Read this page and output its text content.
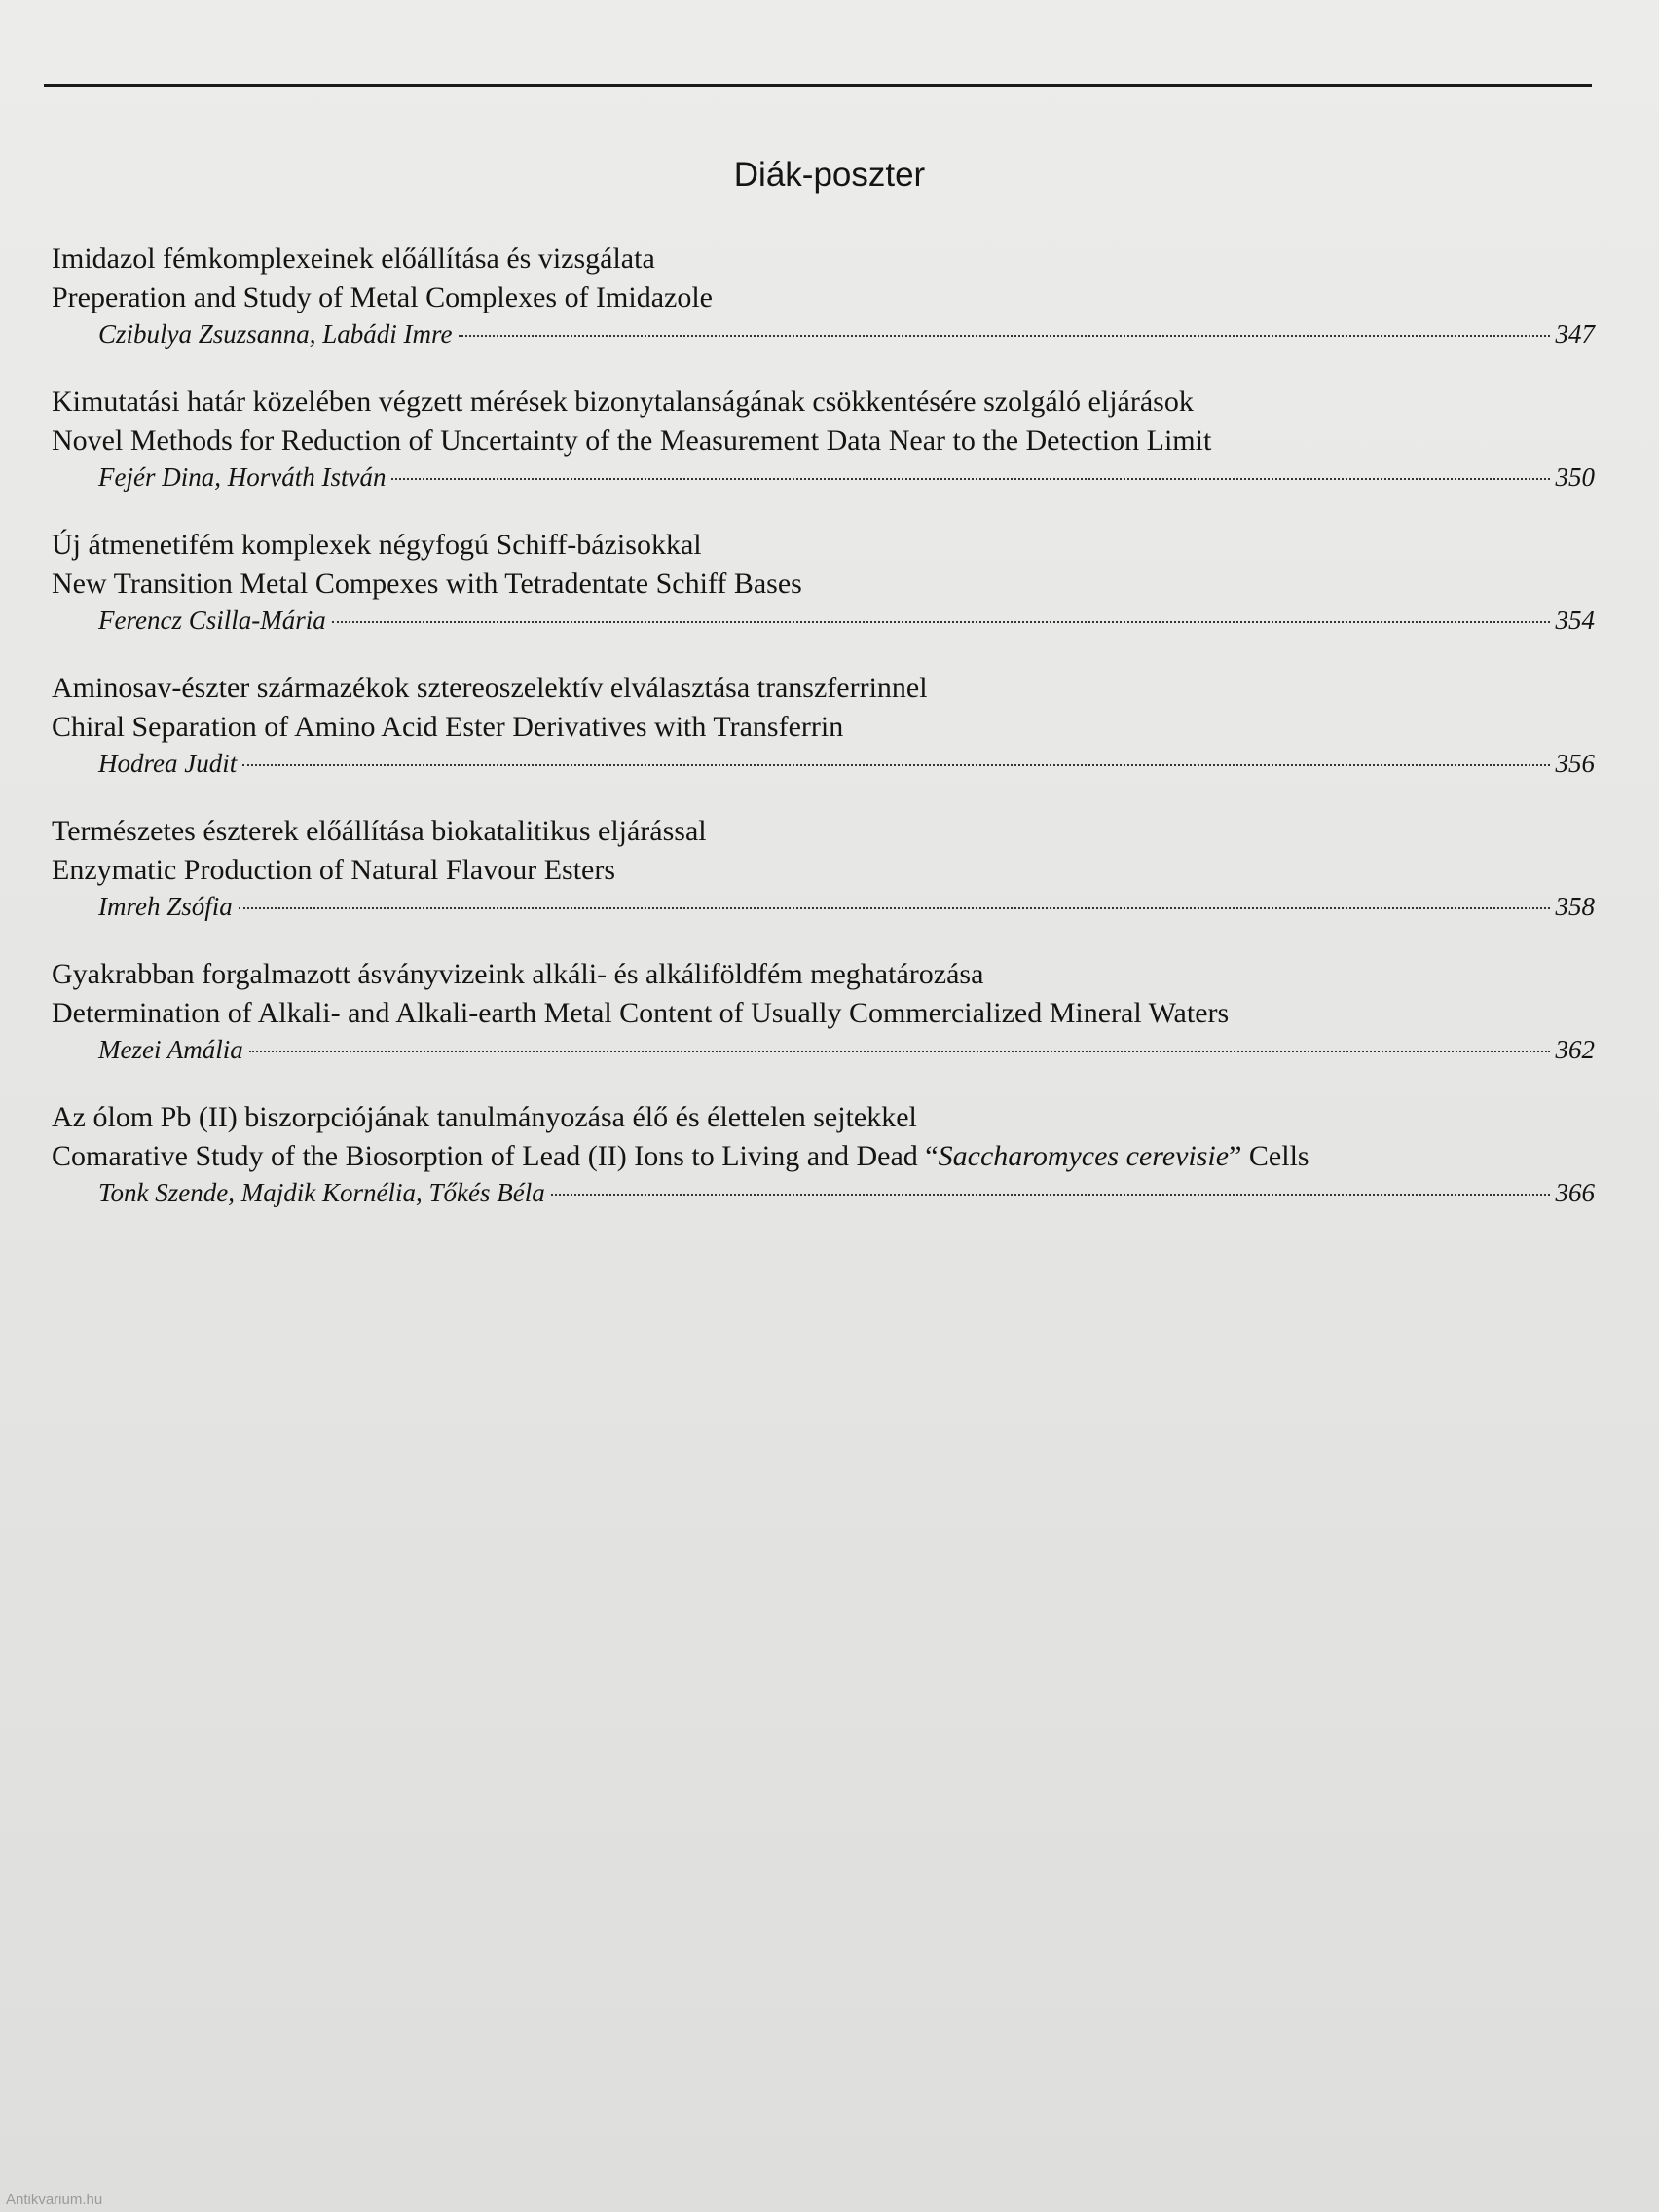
Diák-poszter
Imidazol fémkomplexeinek előállítása és vizsgálata
Preperation and Study of Metal Complexes of Imidazole
Czibulya Zsuzsanna, Labádi Imre	347
Kimutatási határ közelében végzett mérések bizonytalanságának csökkentésére szolgáló eljárások
Novel Methods for Reduction of Uncertainty of the Measurement Data Near to the Detection Limit
Fejér Dina, Horváth István	350
Új átmenetifém komplexek négyfogú Schiff-bázisokkal
New Transition Metal Compexes with Tetradentate Schiff Bases
Ferencz Csilla-Mária	354
Aminosav-észter származékok sztereoszelektív elválasztása transzferrinnel
Chiral Separation of Amino Acid Ester Derivatives with Transferrin
Hodrea Judit	356
Természetes észterek előállítása biokatalitikus eljárással
Enzymatic Production of Natural Flavour Esters
Imreh Zsófia	358
Gyakrabban forgalmazott ásványvizeink alkáli- és alkáliföldfém meghatározása
Determination of Alkali- and Alkali-earth Metal Content of Usually Commercialized Mineral Waters
Mezei Amália	362
Az ólom Pb (II) biszorpciójának tanulmányozása élő és élettelen sejtekkel
Comarative Study of the Biosorption of Lead (II) Ions to Living and Dead “Saccharomyces cerevisie” Cells
Tonk Szende, Majdik Kornélia, Tőkés Béla	366
Antikvarium.hu
